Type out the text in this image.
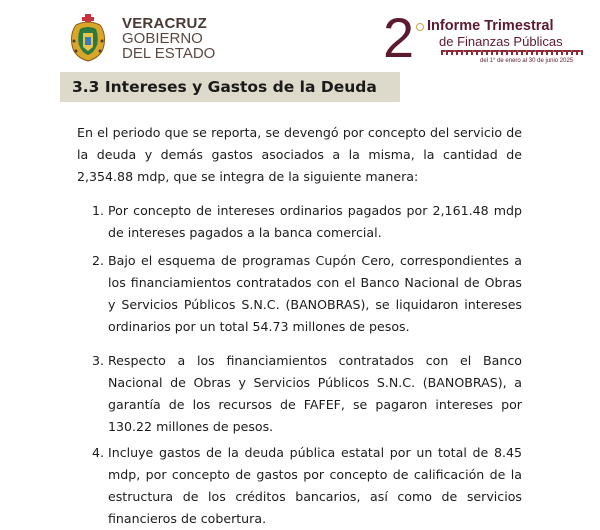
VERACRUZ
GOBIERNO
DEL ESTADO	2 Informe Trimestral
de Finanzas Públicas
del 1° de enero al 30 de junio 2025
3.3 Intereses y Gastos de la Deuda

En el periodo que se reporta, se devengó por concepto del servicio de la deuda y demás gastos asociados a la misma, la cantidad de 2,354.88 mdp, que se integra de la siguiente manera:

1. Por concepto de intereses ordinarios pagados por 2,161.48 mdp de intereses pagados a la banca comercial.
2. Bajo el esquema de programas Cupón Cero, correspondientes a los financiamientos contratados con el Banco Nacional de Obras y Servicios Públicos S.N.C. (BANOBRAS), se liquidaron intereses ordinarios por un total 54.73 millones de pesos.
3. Respecto a los financiamientos contratados con el Banco Nacional de Obras y Servicios Públicos S.N.C. (BANOBRAS), a garantía de los recursos de FAFEF, se pagaron intereses por 130.22 millones de pesos.
4. Incluye gastos de la deuda pública estatal por un total de 8.45 mdp, por concepto de gastos por concepto de calificación de la estructura de los créditos bancarios, así como de servicios financieros de cobertura.
